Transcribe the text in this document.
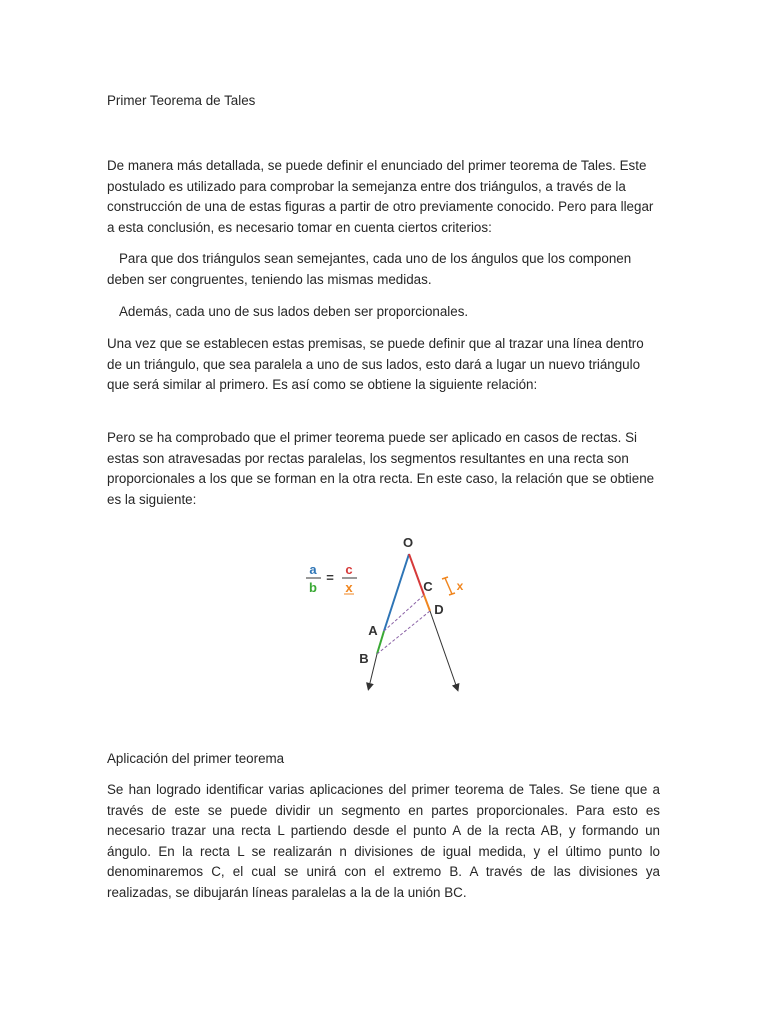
Primer Teorema de Tales

De manera más detallada, se puede definir el enunciado del primer teorema de Tales. Este postulado es utilizado para comprobar la semejanza entre dos triángulos, a través de la construcción de una de estas figuras a partir de otro previamente conocido. Pero para llegar a esta conclusión, es necesario tomar en cuenta ciertos criterios:

Para que dos triángulos sean semejantes, cada uno de los ángulos que los componen deben ser congruentes, teniendo las mismas medidas.

Además, cada uno de sus lados deben ser proporcionales.

Una vez que se establecen estas premisas, se puede definir que al trazar una línea dentro de un triángulo, que sea paralela a uno de sus lados, esto dará a lugar un nuevo triángulo que será similar al primero. Es así como se obtiene la siguiente relación:

Pero se ha comprobado que el primer teorema puede ser aplicado en casos de rectas. Si estas son atravesadas por rectas paralelas, los segmentos resultantes en una recta son proporcionales a los que se forman en la otra recta. En este caso, la relación que se obtiene es la siguiente:

a
b
=
c
x
O
C
D
A
B
x

Aplicación del primer teorema

Se han logrado identificar varias aplicaciones del primer teorema de Tales. Se tiene que a través de este se puede dividir un segmento en partes proporcionales. Para esto es necesario trazar una recta L partiendo desde el punto A de la recta AB, y formando un ángulo. En la recta L se realizarán n divisiones de igual medida, y el último punto lo denominaremos C, el cual se unirá con el extremo B. A través de las divisiones ya realizadas, se dibujarán líneas paralelas a la de la unión BC.
